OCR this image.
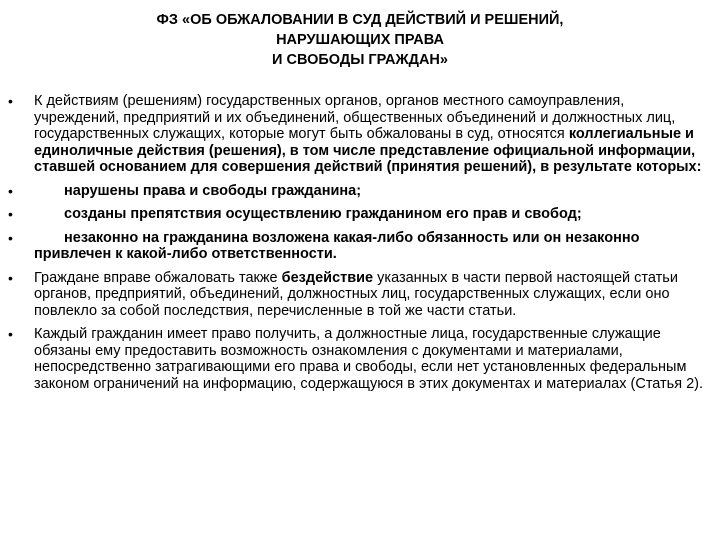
ФЗ «ОБ ОБЖАЛОВАНИИ В СУД ДЕЙСТВИЙ И РЕШЕНИЙ,
НАРУШАЮЩИХ ПРАВА
И СВОБОДЫ ГРАЖДАН»
•	К действиям (решениям) государственных органов, органов местного самоуправления, учреждений, предприятий и их объединений, общественных объединений и должностных лиц, государственных служащих, которые могут быть обжалованы в суд, относятся коллегиальные и единоличные действия (решения), в том числе представление официальной информации, ставшей основанием для совершения действий (принятия решений), в результате которых:
•	нарушены права и свободы гражданина;
•	созданы препятствия осуществлению гражданином его прав и свобод;
•	незаконно на гражданина возложена какая-либо обязанность или он незаконно привлечен к какой-либо ответственности.
•	Граждане вправе обжаловать также бездействие указанных в части первой настоящей статьи органов, предприятий, объединений, должностных лиц, государственных служащих, если оно повлекло за собой последствия, перечисленные в той же части статьи.
•	Каждый гражданин имеет право получить, а должностные лица, государственные служащие обязаны ему предоставить возможность ознакомления с документами и материалами, непосредственно затрагивающими его права и свободы, если нет установленных федеральным законом ограничений на информацию, содержащуюся в этих документах и материалах (Статья 2).
